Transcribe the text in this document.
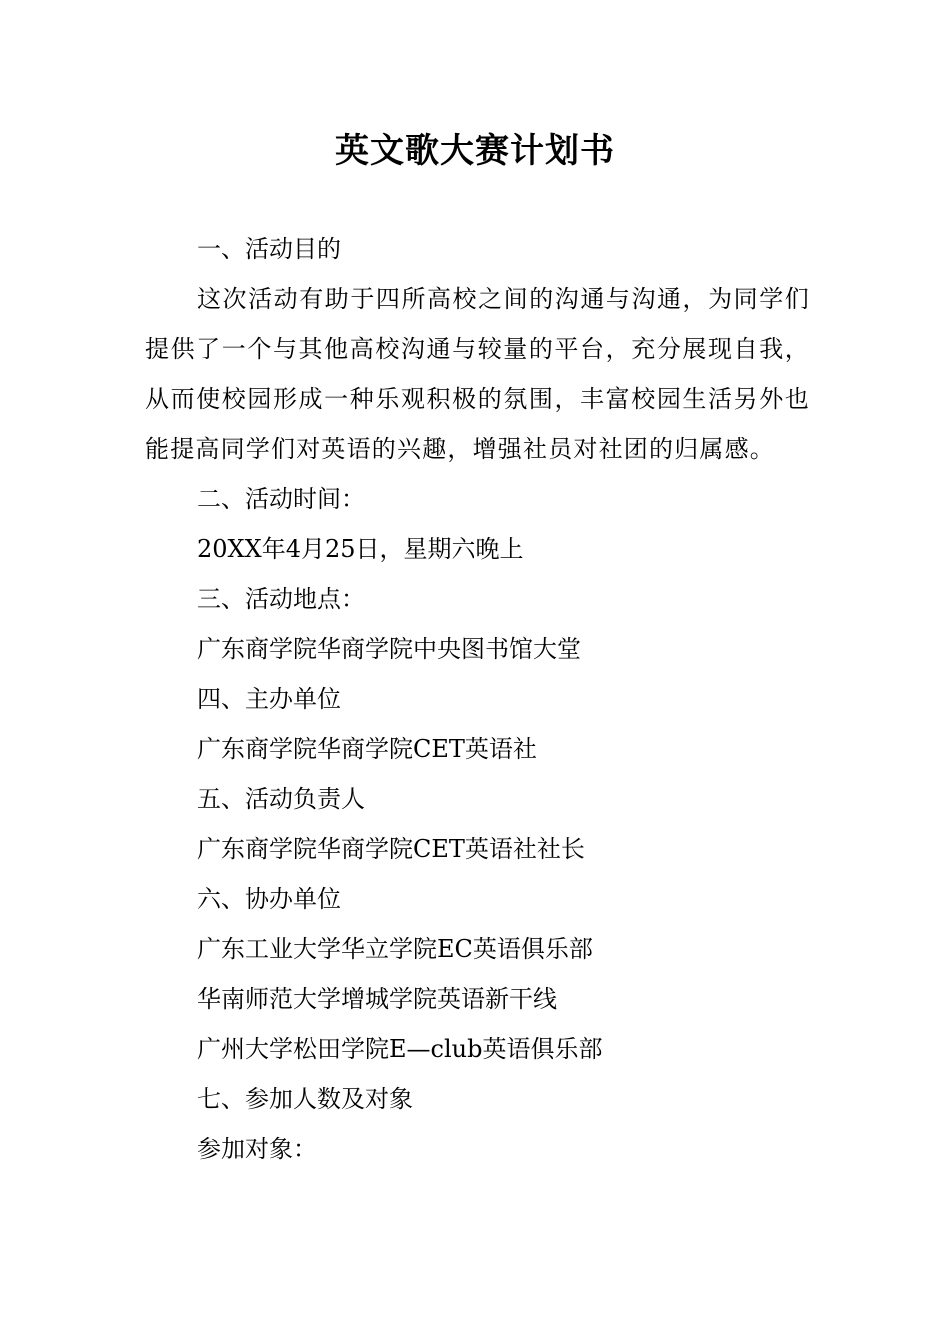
英文歌大赛计划书

一、活动目的

这次活动有助于四所高校之间的沟通与沟通，为同学们提供了一个与其他高校沟通与较量的平台，充分展现自我，从而使校园形成一种乐观积极的氛围，丰富校园生活另外也能提高同学们对英语的兴趣，增强社员对社团的归属感。

二、活动时间：

20XX年4月25日，星期六晚上

三、活动地点：

广东商学院华商学院中央图书馆大堂

四、主办单位

广东商学院华商学院CET英语社

五、活动负责人

广东商学院华商学院CET英语社社长

六、协办单位

广东工业大学华立学院EC英语俱乐部

华南师范大学增城学院英语新干线

广州大学松田学院E—club英语俱乐部

七、参加人数及对象

参加对象：
